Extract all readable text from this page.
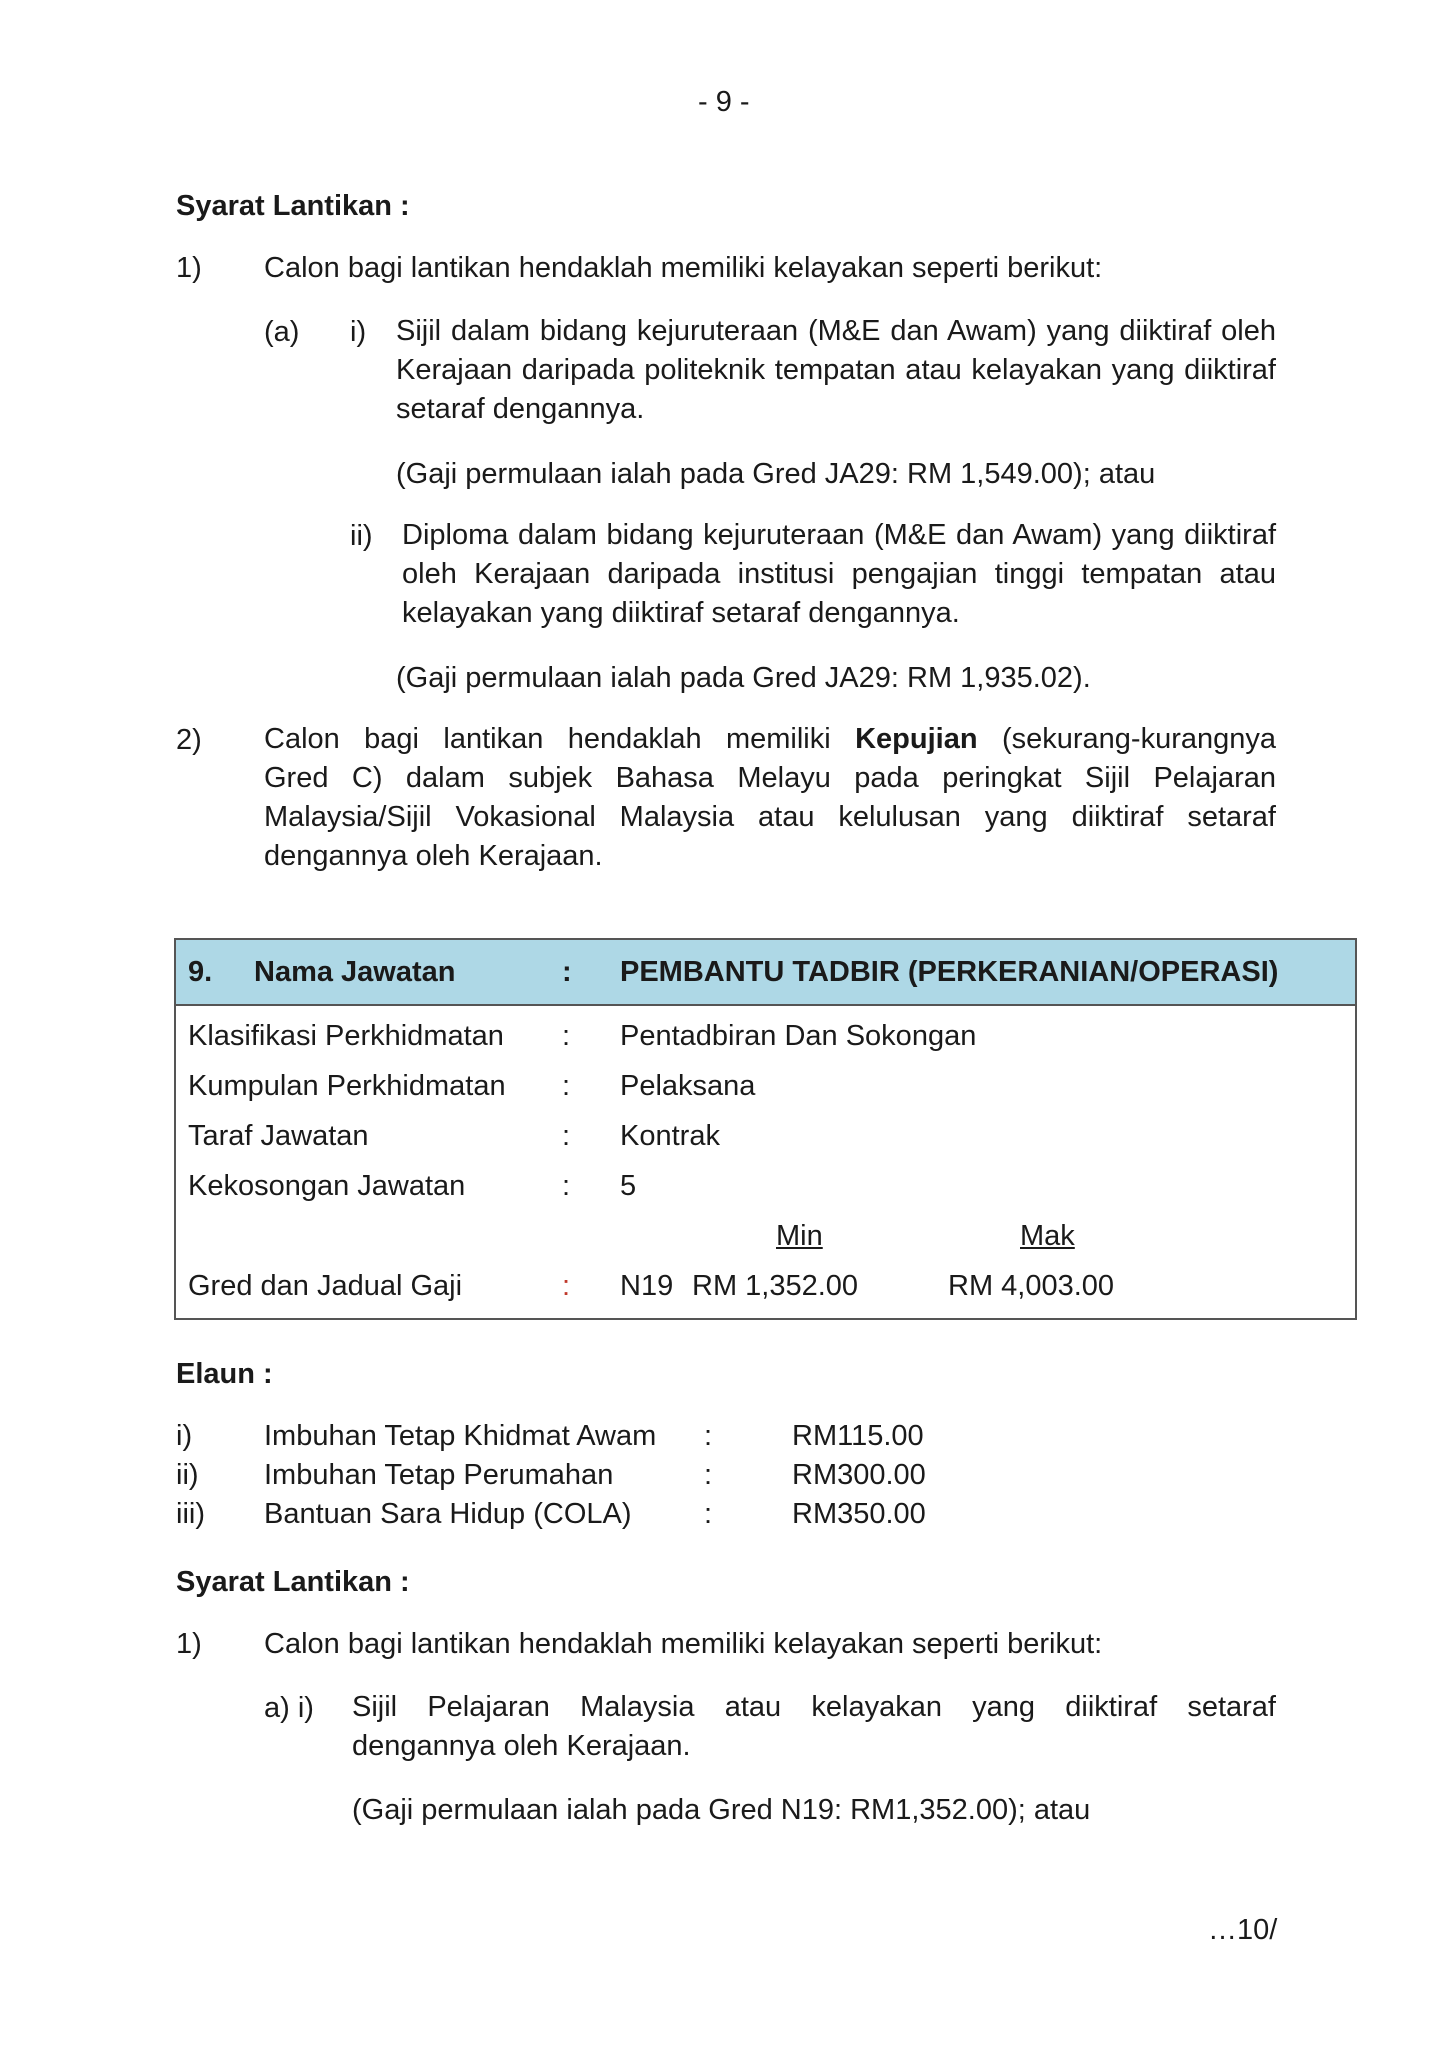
- 9 -
Syarat Lantikan :
1) Calon bagi lantikan hendaklah memiliki kelayakan seperti berikut:
(a) i) Sijil dalam bidang kejuruteraan (M&E dan Awam) yang diiktiraf oleh
Kerajaan daripada politeknik tempatan atau kelayakan yang diiktiraf
setaraf dengannya.
(Gaji permulaan ialah pada Gred JA29: RM 1,549.00); atau
ii) Diploma dalam bidang kejuruteraan (M&E dan Awam) yang diiktiraf
oleh Kerajaan daripada institusi pengajian tinggi tempatan atau
kelayakan yang diiktiraf setaraf dengannya.
(Gaji permulaan ialah pada Gred JA29: RM 1,935.02).
2) Calon bagi lantikan hendaklah memiliki Kepujian (sekurang-kurangnya
Gred C) dalam subjek Bahasa Melayu pada peringkat Sijil Pelajaran
Malaysia/Sijil Vokasional Malaysia atau kelulusan yang diiktiraf setaraf
dengannya oleh Kerajaan.
9. Nama Jawatan	: PEMBANTU TADBIR (PERKERANIAN/OPERASI)
Klasifikasi Perkhidmatan : Pentadbiran Dan Sokongan
Kumpulan Perkhidmatan : Pelaksana
Taraf Jawatan	: Kontrak
Kekosongan Jawatan	: 5
Min	Mak
Gred dan Jadual Gaji	: N19 RM 1,352.00	RM 4,003.00
Elaun :
i) Imbuhan Tetap Khidmat Awam :	RM115.00
ii) Imbuhan Tetap Perumahan	:	RM300.00
iii) Bantuan Sara Hidup (COLA) :	RM350.00
Syarat Lantikan :
1) Calon bagi lantikan hendaklah memiliki kelayakan seperti berikut:
a) i) Sijil Pelajaran Malaysia atau kelayakan yang diiktiraf setaraf
dengannya oleh Kerajaan.
(Gaji permulaan ialah pada Gred N19: RM1,352.00); atau
…10/
